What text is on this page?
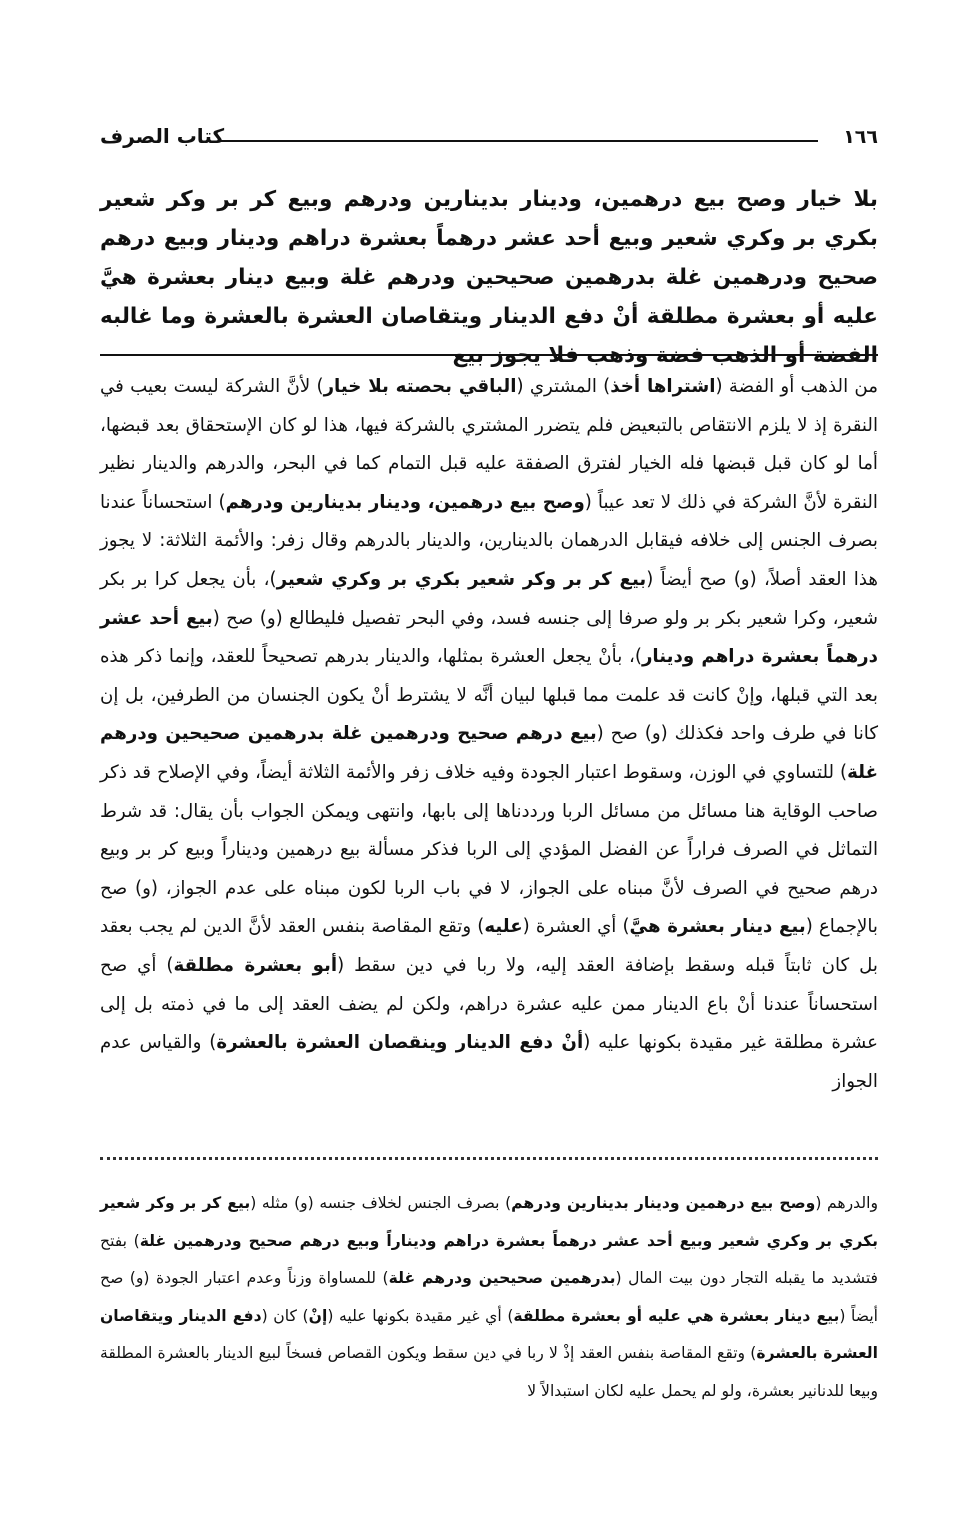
١٦٦
كتاب الصرف

بلا خيار وصح بيع درهمين، ودينار بدينارين ودرهم وبيع كر بر وكر شعير بكري بر وكري شعير وبيع أحد عشر درهماً بعشرة دراهم ودينار وبيع درهم صحيح ودرهمين غلة بدرهمين صحيحين ودرهم غلة وبيع دينار بعشرة هيَّ عليه أو بعشرة مطلقة أنْ دفع الدينار ويتقاصان العشرة بالعشرة وما غالبه الفضة أو الذهب فضة وذهب فلا يجوز بيع

من الذهب أو الفضة (اشتراها أخذ) المشتري (الباقي بحصته بلا خيار) لأنَّ الشركة ليست بعيب في النقرة إذ لا يلزم الانتقاص بالتبعيض فلم يتضرر المشتري بالشركة فيها، هذا لو كان الإستحقاق بعد قبضها، أما لو كان قبل قبضها فله الخيار لفترق الصفقة عليه قبل التمام كما في البحر، والدرهم والدينار نظير النقرة لأنَّ الشركة في ذلك لا تعد عيباً (وصح بيع درهمين، ودينار بدينارين ودرهم) استحساناً عندنا بصرف الجنس إلى خلافه فيقابل الدرهمان بالدينارين، والدينار بالدرهم وقال زفر: والأئمة الثلاثة: لا يجوز هذا العقد أصلاً، (و) صح أيضاً (بيع كر بر وكر شعير بكري بر وكري شعير)، بأن يجعل كرا بر بكر شعير، وكرا شعير بكر بر ولو صرفا إلى جنسه فسد، وفي البحر تفصيل فليطالع (و) صح (بيع أحد عشر درهماً بعشرة دراهم ودينار)، بأنْ يجعل العشرة بمثلها، والدينار بدرهم تصحيحاً للعقد، وإنما ذكر هذه بعد التي قبلها، وإنْ كانت قد علمت مما قبلها لبيان أنَّه لا يشترط أنْ يكون الجنسان من الطرفين، بل إن كانا في طرف واحد فكذلك (و) صح (بيع درهم صحيح ودرهمين غلة بدرهمين صحيحين ودرهم غلة) للتساوي في الوزن، وسقوط اعتبار الجودة وفيه خلاف زفر والأئمة الثلاثة أيضاً، وفي الإصلاح قد ذكر صاحب الوقاية هنا مسائل من مسائل الربا ورددناها إلى بابها، وانتهى ويمكن الجواب بأن يقال: قد شرط التماثل في الصرف فراراً عن الفضل المؤدي إلى الربا فذكر مسألة بيع درهمين وديناراً وبيع كر بر وبيع درهم صحيح في الصرف لأنَّ مبناه على الجواز، لا في باب الربا لكون مبناه على عدم الجواز، (و) صح بالإجماع (بيع دينار بعشرة هيَّ) أي العشرة (عليه) وتقع المقاصة بنفس العقد لأنَّ الدين لم يجب بعقد بل كان ثابتاً قبله وسقط بإضافة العقد إليه، ولا ربا في دين سقط (أبو بعشرة مطلقة) أي صح استحساناً عندنا أنْ باع الدينار ممن عليه عشرة دراهم، ولكن لم يضف العقد إلى ما في ذمته بل إلى عشرة مطلقة غير مقيدة بكونها عليه (أنْ دفع الدينار وينقصان العشرة بالعشرة) والقياس عدم الجواز

والدرهم (وصح بيع درهمين ودينار بدينارين ودرهم) بصرف الجنس لخلاف جنسه (و) مثله (بيع كر بر وكر شعير بكري بر وكري شعير وبيع أحد عشر درهماً بعشرة دراهم وديناراً وبيع درهم صحيح ودرهمين غلة) بفتح فتشديد ما يقبله التجار دون بيت المال (بدرهمين صحيحين ودرهم غلة) للمساواة وزناً وعدم اعتبار الجودة (و) صح أيضاً (بيع دينار بعشرة هي عليه أو بعشرة مطلقة) أي غير مقيدة بكونها عليه (إنْ) كان (دفع الدينار ويتقاصان العشرة بالعشرة) وتقع المقاصة بنفس العقد إذْ لا ربا في دين سقط ويكون القصاص فسخاً لبيع الدينار بالعشرة المطلقة وبيعا للدنانير بعشرة، ولو لم يحمل عليه لكان استبدالاً لا
